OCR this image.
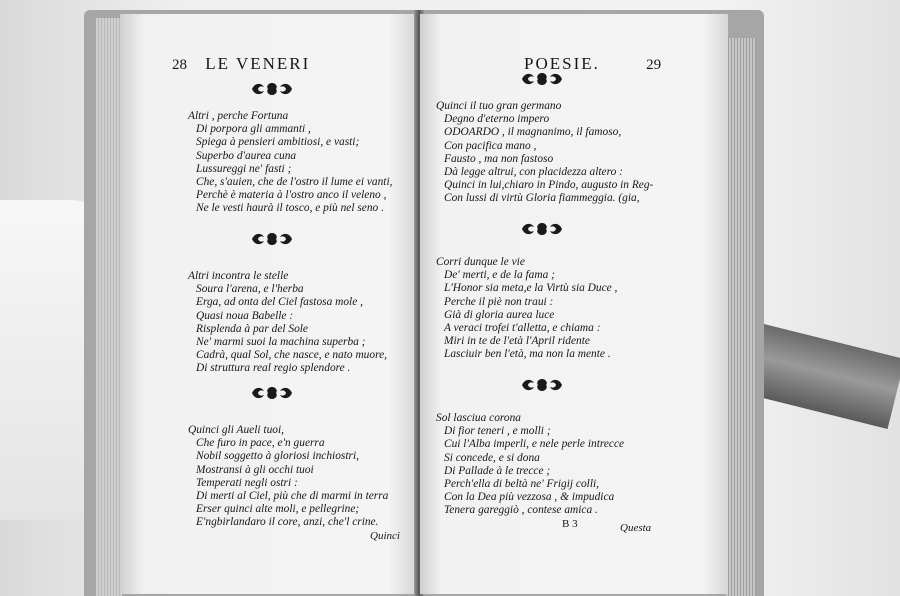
28 LE VENERI
Altri , perche Fortuna
Di porpora gli ammanti ,
Spiega à pensieri ambitiosi, e vasti;
Superbo d'aurea cuna
Lussureggi ne' fasti ;
Che, s'auien, che de l'ostro il lume ei vanti,
Perchè è materia à l'ostro anco il veleno ,
Ne le vesti haurà il tosco, e più nel seno .
Altri incontra le stelle
Soura l'arena, e l'herba
Erga, ad onta del Ciel fastosa mole ,
Quasi noua Babelle :
Risplenda à par del Sole
Ne' marmi suoi la machina superba ;
Cadrà, qual Sol, che nasce, e nato muore,
Di struttura real regio splendore .
Quinci gli Aueli tuoi,
Che furo in pace, e'n guerra
Nobil soggetto à gloriosi inchiostri,
Mostransi à gli occhi tuoi
Temperati negli ostri :
Di merti al Ciel, più che di marmi in terra
Erser quinci alte moli, e pellegrine;
E'ngbirlandaro il core, anzi, che'l crine.
Quinci
POESIE.	29
Quinci il tuo gran germano
Degno d'eterno impero
ODOARDO , il magnanimo, il famoso,
Con pacifica mano ,
Fausto , ma non fastoso
Dà legge altrui, con placidezza altero :
Quinci in lui,chiaro in Pindo, augusto in Reg-
Con lussi di virtù Gloria fiammeggia. (gia,
Corri dunque le vie
De' merti, e de la fama ;
L'Honor sia meta,e la Virtù sia Duce ,
Perche il piè non traui :
Già di gloria aurea luce
A veraci trofei t'alletta, e chiama :
Miri in te de l'età l'April ridente
Lasciuir ben l'età, ma non la mente .
Sol lasciua corona
Di fior teneri , e molli ;
Cui l'Alba imperli, e nele perle intrecce
Si concede, e si dona
Di Pallade à le trecce ;
Perch'ella di beltà ne' Frigij colli,
Con la Dea più vezzosa , & impudica
Tenera gareggiò , contese amica .
B 3	Questa
